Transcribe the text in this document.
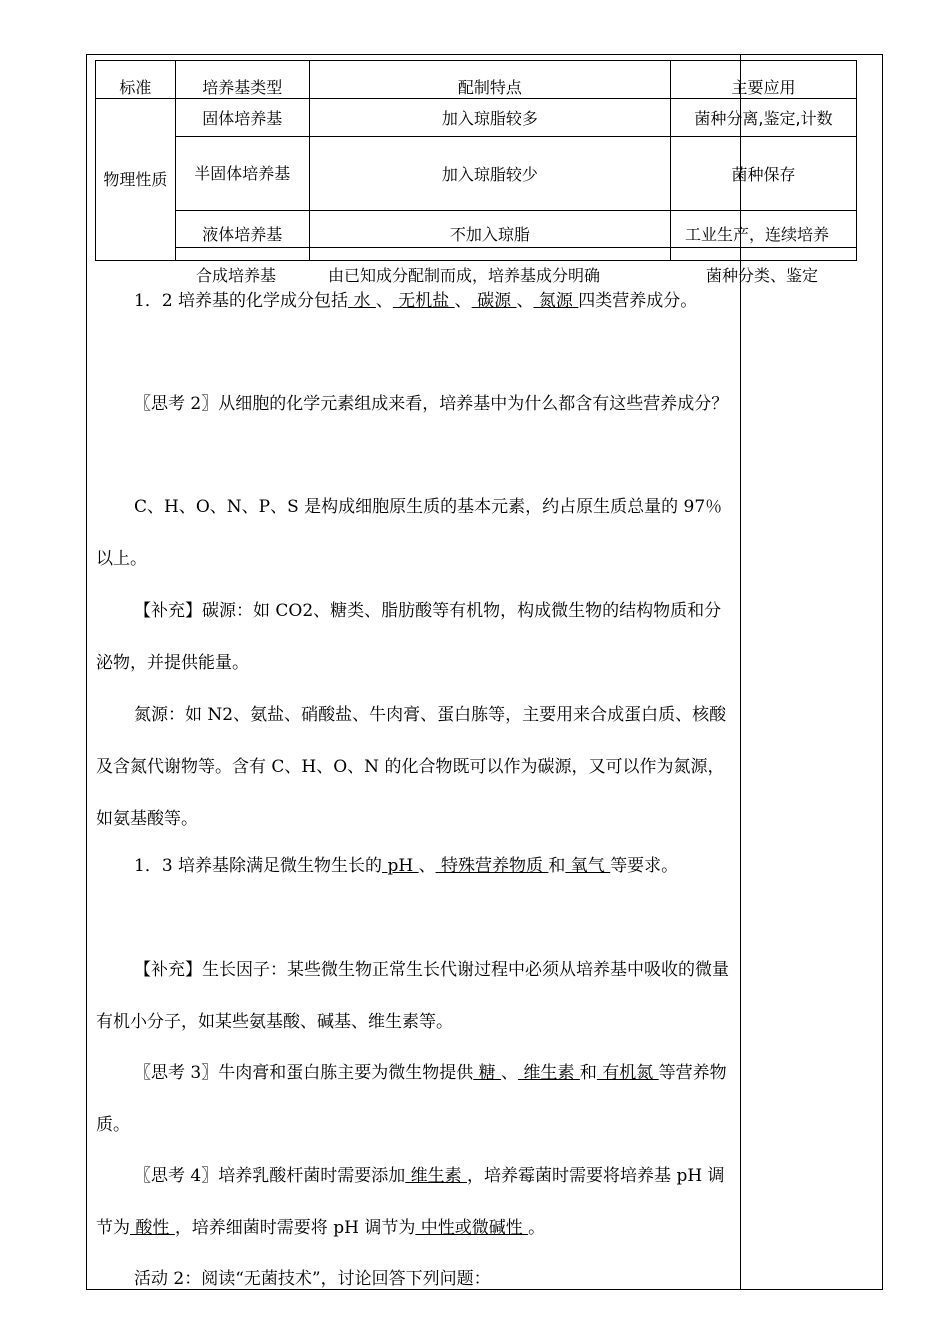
标准	培养基类型	配制特点	主要应用
物理性质	固体培养基	加入琼脂较多	菌种分离,鉴定,计数
	半固体培养基	加入琼脂较少	菌种保存
	液体培养基	不加入琼脂	工业生产，连续培养

合成培养基	由已知成分配制而成，培养基成分明确	菌种分类、鉴定

1．2 培养基的化学成分包括 水 、 无机盐 、 碳源 、 氮源 四类营养成分。

〖思考 2〗从细胞的化学元素组成来看，培养基中为什么都含有这些营养成分？

C、H、O、N、P、S 是构成细胞原生质的基本元素，约占原生质总量的 97％以上。

【补充】碳源：如 CO2、糖类、脂肪酸等有机物，构成微生物的结构物质和分泌物，并提供能量。

氮源：如 N2、氨盐、硝酸盐、牛肉膏、蛋白胨等，主要用来合成蛋白质、核酸及含氮代谢物等。含有 C、H、O、N 的化合物既可以作为碳源，又可以作为氮源，如氨基酸等。

1．3 培养基除满足微生物生长的 pH 、 特殊营养物质 和 氧气 等要求。

【补充】生长因子：某些微生物正常生长代谢过程中必须从培养基中吸收的微量有机小分子，如某些氨基酸、碱基、维生素等。

〖思考 3〗牛肉膏和蛋白胨主要为微生物提供 糖 、 维生素 和 有机氮 等营养物质。

〖思考 4〗培养乳酸杆菌时需要添加 维生素 ，培养霉菌时需要将培养基 pH 调节为 酸性 ，培养细菌时需要将 pH 调节为 中性或微碱性 。

活动 2：阅读“无菌技术”，讨论回答下列问题：
